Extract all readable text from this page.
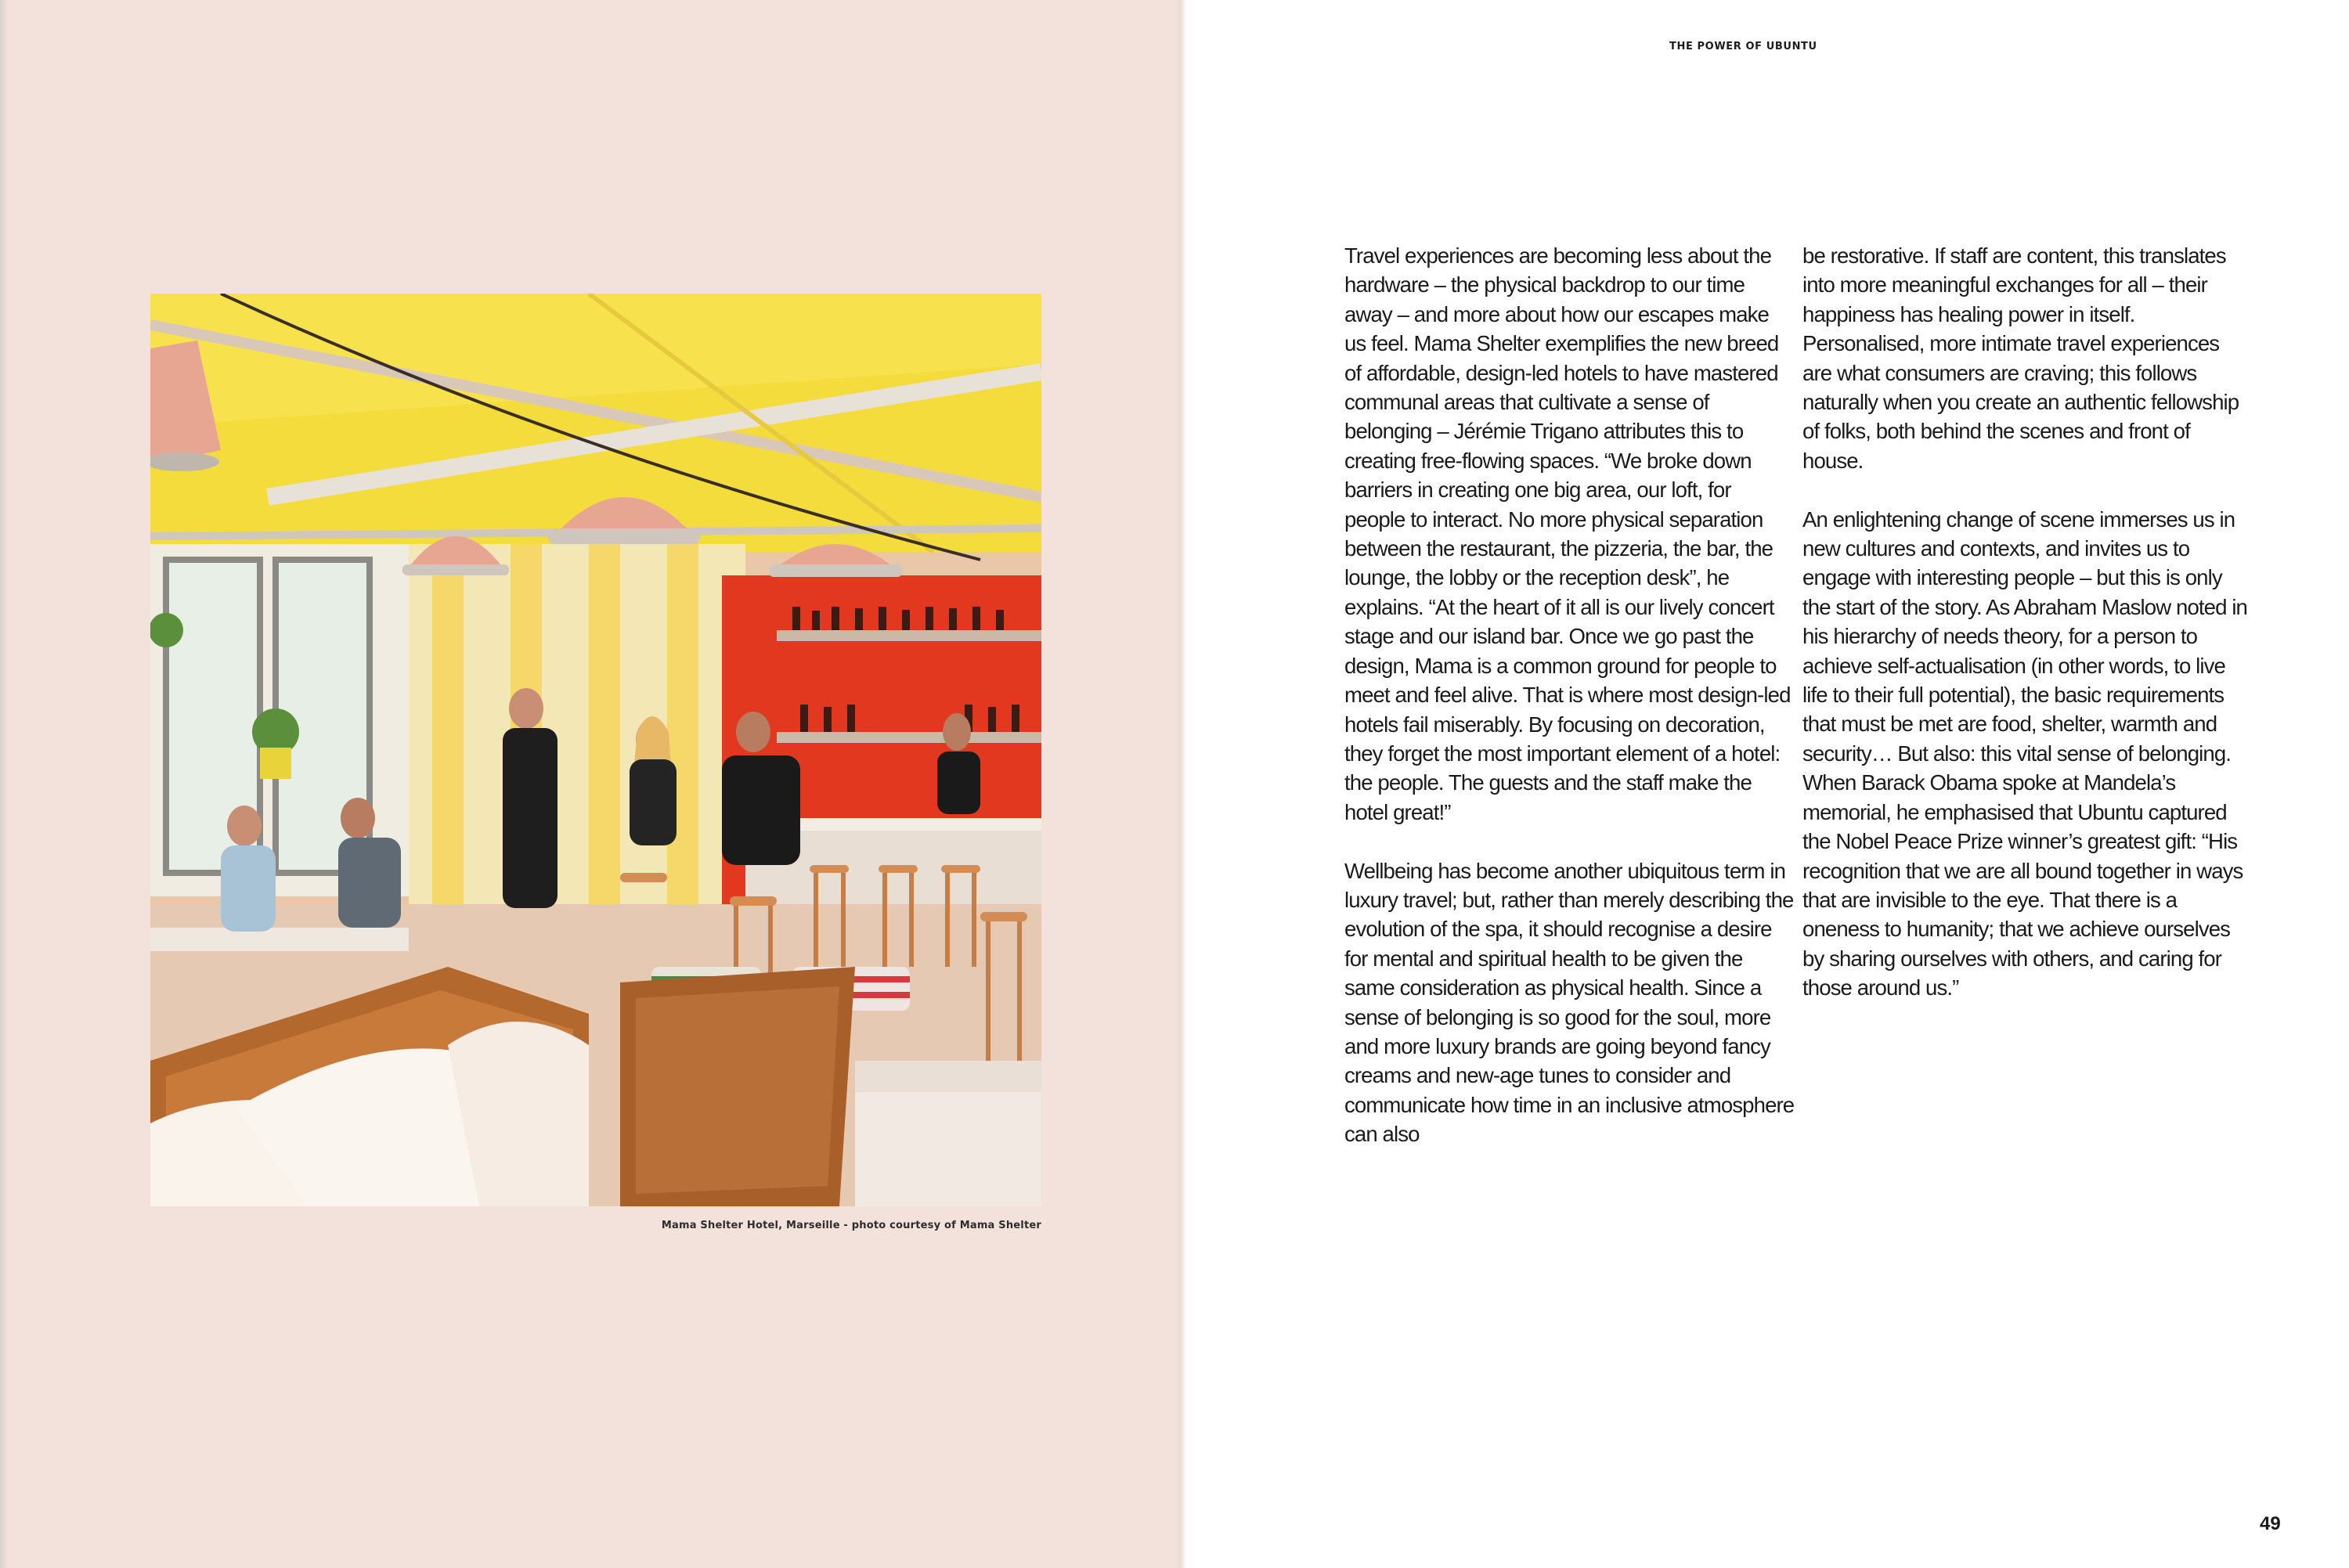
Mama Shelter Hotel, Marseille - photo courtesy of Mama Shelter
THE POWER OF UBUNTU

Travel experiences are becoming less about the hardware – the physical backdrop to our time away – and more about how our escapes make us feel. Mama Shelter exemplifies the new breed of affordable, design-led hotels to have mastered communal areas that cultivate a sense of belonging – Jérémie Trigano attributes this to creating free-flowing spaces. “We broke down barriers in creating one big area, our loft, for people to interact. No more physical separation between the restaurant, the pizzeria, the bar, the lounge, the lobby or the reception desk”, he explains. “At the heart of it all is our lively concert stage and our island bar. Once we go past the design, Mama is a common ground for people to meet and feel alive. That is where most design-led hotels fail miserably. By focusing on decoration, they forget the most important element of a hotel: the people. The guests and the staff make the hotel great!”

Wellbeing has become another ubiquitous term in luxury travel; but, rather than merely describing the evolution of the spa, it should recognise a desire for mental and spiritual health to be given the same consideration as physical health. Since a sense of belonging is so good for the soul, more and more luxury brands are going beyond fancy creams and new-age tunes to consider and communicate how time in an inclusive atmosphere can also

be restorative. If staff are content, this translates into more meaningful exchanges for all – their happiness has healing power in itself. Personalised, more intimate travel experiences are what consumers are craving; this follows naturally when you create an authentic fellowship of folks, both behind the scenes and front of house.

An enlightening change of scene immerses us in new cultures and contexts, and invites us to engage with interesting people – but this is only the start of the story. As Abraham Maslow noted in his hierarchy of needs theory, for a person to achieve self-actualisation (in other words, to live life to their full potential), the basic requirements that must be met are food, shelter, warmth and security… But also: this vital sense of belonging. When Barack Obama spoke at Mandela’s memorial, he emphasised that Ubuntu captured the Nobel Peace Prize winner’s greatest gift: “His recognition that we are all bound together in ways that are invisible to the eye. That there is a oneness to humanity; that we achieve ourselves by sharing ourselves with others, and caring for those around us.”

49
